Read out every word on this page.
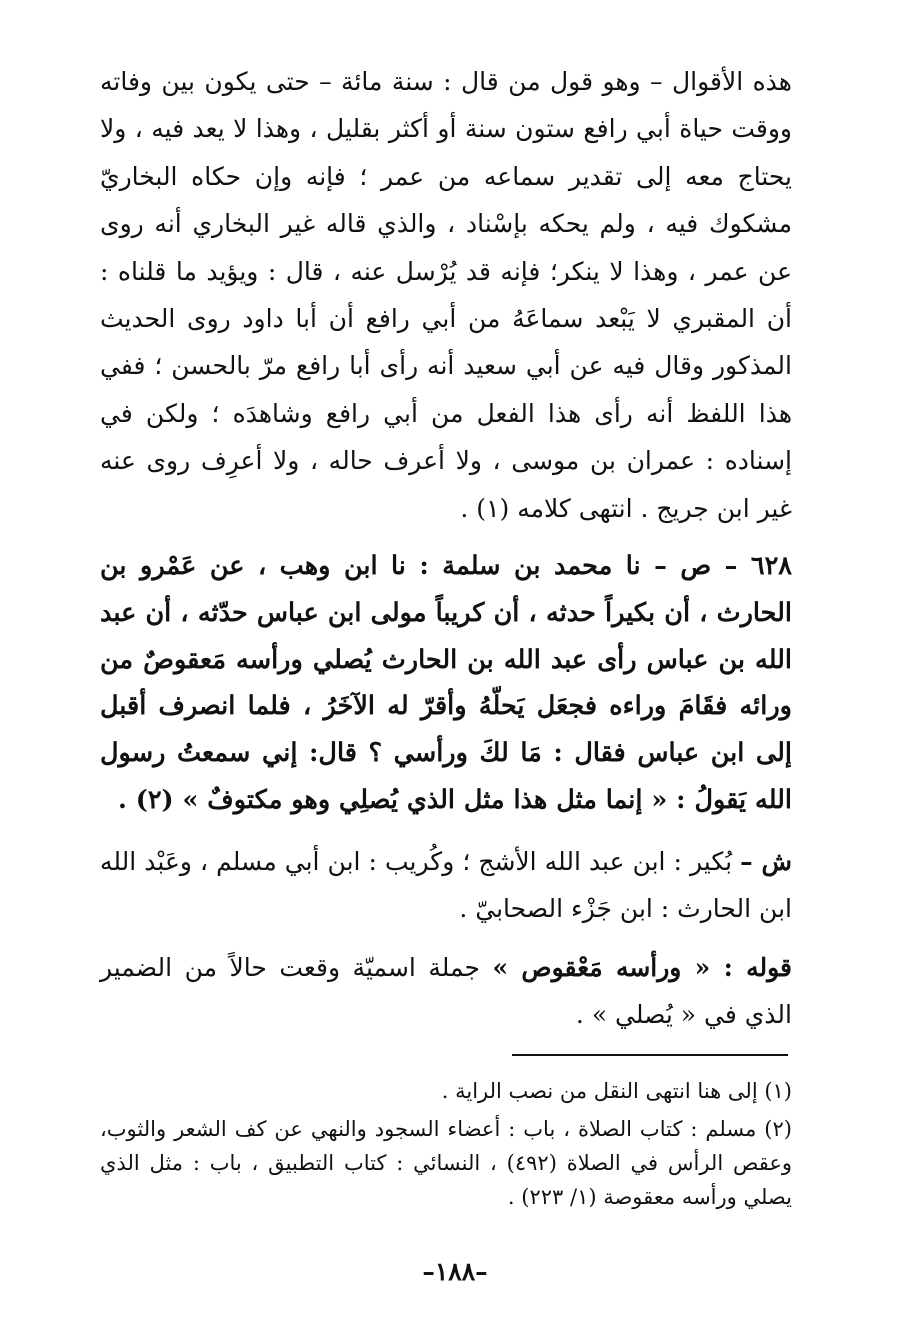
هذه الأقوال – وهو قول من قال : سنة مائة – حتى يكون بين وفاته ووقت حياة أبي رافع ستون سنة أو أكثر بقليل ، وهذا لا يعد فيه ، ولا يحتاج معه إلى تقدير سماعه من عمر ؛ فإنه وإن حكاه البخاريّ مشكوك فيه ، ولم يحكه بإسْناد ، والذي قاله غير البخاري أنه روى عن عمر ، وهذا لا ينكر؛ فإنه قد يُرْسل عنه ، قال : ويؤيد ما قلناه : أن المقبري لا يَبْعد سماعَهُ من أبي رافع أن أبا داود روى الحديث المذكور وقال فيه عن أبي سعيد أنه رأى أبا رافع مرّ بالحسن ؛ ففي هذا اللفظ أنه رأى هذا الفعل من أبي رافع وشاهدَه ؛ ولكن في إسناده : عمران بن موسى ، ولا أعرف حاله ، ولا أعرِف روى عنه غير ابن جريج . انتهى كلامه (١) .

٦٢٨ – ص – نا محمد بن سلمة : نا ابن وهب ، عن عَمْرو بن الحارث ، أن بكيراً حدثه ، أن كريباً مولى ابن عباس حدّثه ، أن عبد الله بن عباس رأى عبد الله بن الحارث يُصلي ورأسه مَعقوصٌ من ورائه فقَامَ وراءه فجعَل يَحلّهُ وأقرّ له الآخَرُ ، فلما انصرف أقبل إلى ابن عباس فقال : مَا لكَ ورأسي ؟ قال: إني سمعتُ رسول الله يَقولُ : « إنما مثل هذا مثل الذي يُصلِي وهو مكتوفٌ » (٢) .

ش – بُكير : ابن عبد الله الأشج ؛ وكُريب : ابن أبي مسلم ، وعَبْد الله ابن الحارث : ابن جَزْء الصحابيّ .

قوله : « ورأسه مَعْقوص » جملة اسميّة وقعت حالاً من الضمير الذي في « يُصلي » .

(١) إلى هنا انتهى النقل من نصب الراية .

(٢) مسلم : كتاب الصلاة ، باب : أعضاء السجود والنهي عن كف الشعر والثوب، وعقص الرأس في الصلاة (٤٩٢) ، النسائي : كتاب التطبيق ، باب : مثل الذي يصلي ورأسه معقوصة (١/ ٢٢٣) .

–١٨٨–
